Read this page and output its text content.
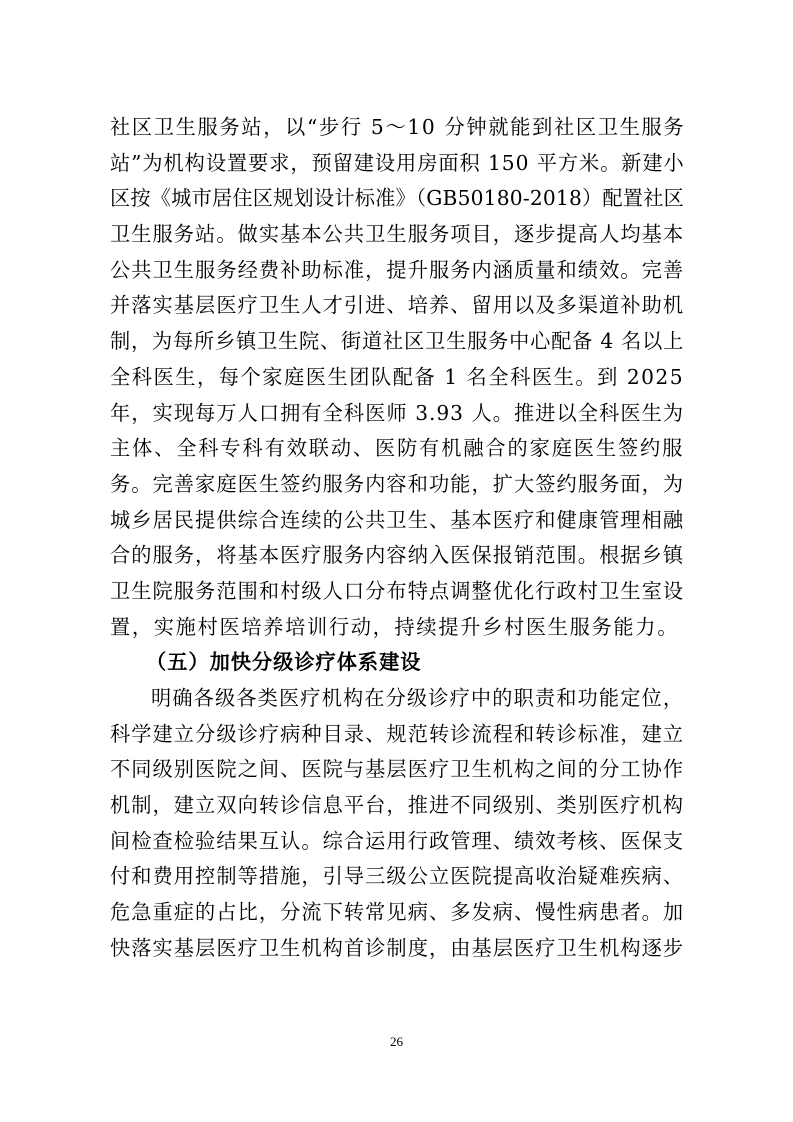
社区卫生服务站，以“步行 5～10 分钟就能到社区卫生服务
站”为机构设置要求，预留建设用房面积 150 平方米。新建小
区按《城市居住区规划设计标准》（GB50180-2018）配置社区
卫生服务站。做实基本公共卫生服务项目，逐步提高人均基本
公共卫生服务经费补助标准，提升服务内涵质量和绩效。完善
并落实基层医疗卫生人才引进、培养、留用以及多渠道补助机
制，为每所乡镇卫生院、街道社区卫生服务中心配备 4 名以上
全科医生，每个家庭医生团队配备 1 名全科医生。到 2025
年，实现每万人口拥有全科医师 3.93 人。推进以全科医生为
主体、全科专科有效联动、医防有机融合的家庭医生签约服
务。完善家庭医生签约服务内容和功能，扩大签约服务面，为
城乡居民提供综合连续的公共卫生、基本医疗和健康管理相融
合的服务，将基本医疗服务内容纳入医保报销范围。根据乡镇
卫生院服务范围和村级人口分布特点调整优化行政村卫生室设
置，实施村医培养培训行动，持续提升乡村医生服务能力。
（五）加快分级诊疗体系建设
明确各级各类医疗机构在分级诊疗中的职责和功能定位，
科学建立分级诊疗病种目录、规范转诊流程和转诊标准，建立
不同级别医院之间、医院与基层医疗卫生机构之间的分工协作
机制，建立双向转诊信息平台，推进不同级别、类别医疗机构
间检查检验结果互认。综合运用行政管理、绩效考核、医保支
付和费用控制等措施，引导三级公立医院提高收治疑难疾病、
危急重症的占比，分流下转常见病、多发病、慢性病患者。加
快落实基层医疗卫生机构首诊制度，由基层医疗卫生机构逐步
26
